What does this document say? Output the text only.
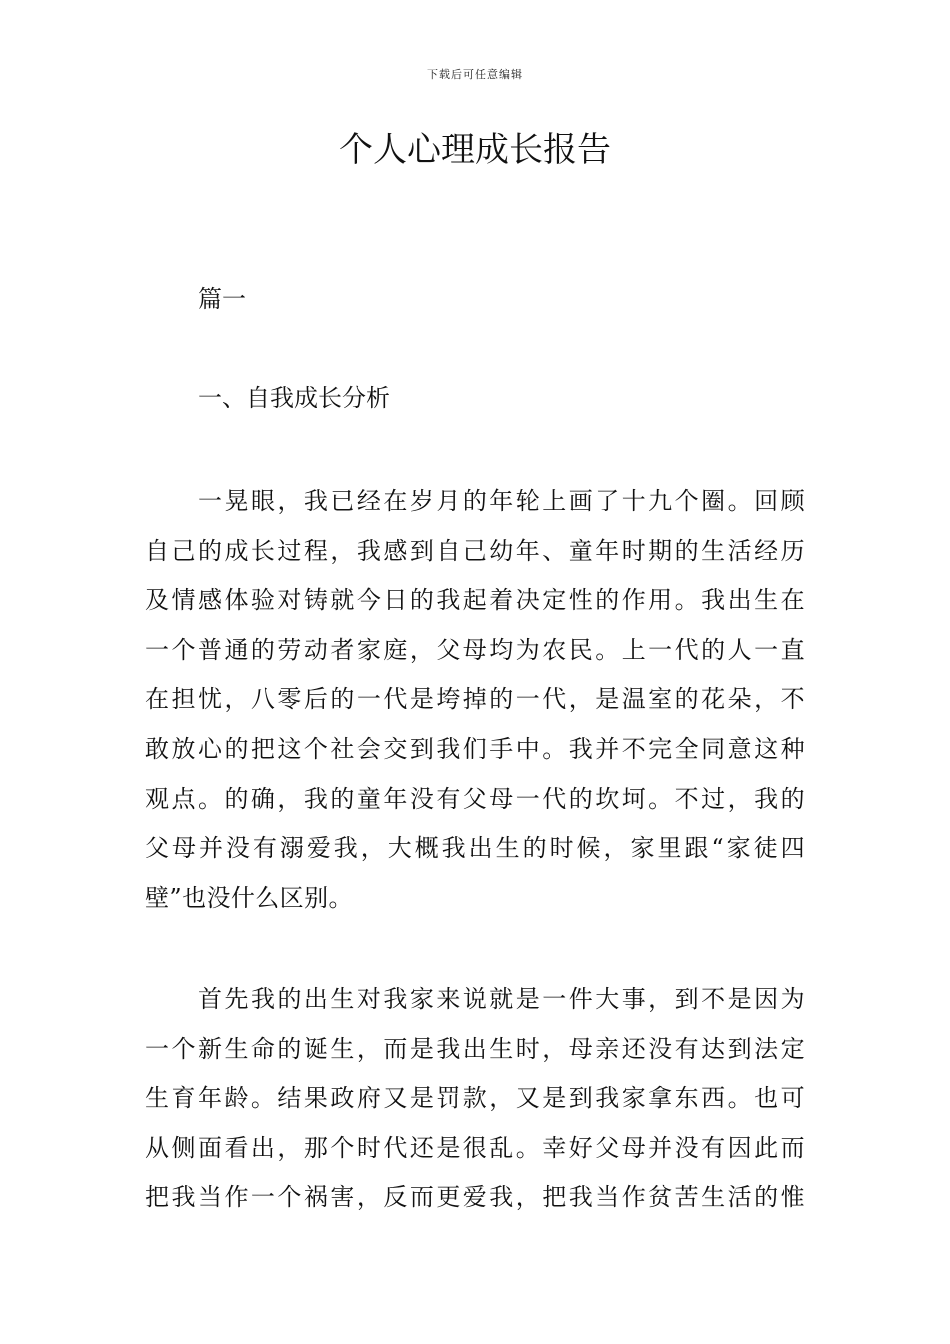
下载后可任意编辑
个人心理成长报告
篇一
一、自我成长分析

一晃眼，我已经在岁月的年轮上画了十九个圈。回顾
自己的成长过程，我感到自己幼年、童年时期的生活经历
及情感体验对铸就今日的我起着决定性的作用。我出生在
一个普通的劳动者家庭，父母均为农民。上一代的人一直
在担忧，八零后的一代是垮掉的一代，是温室的花朵，不
敢放心的把这个社会交到我们手中。我并不完全同意这种
观点。的确，我的童年没有父母一代的坎坷。不过，我的
父母并没有溺爱我，大概我出生的时候，家里跟“家徒四
壁”也没什么区别。

首先我的出生对我家来说就是一件大事，到不是因为
一个新生命的诞生，而是我出生时，母亲还没有达到法定
生育年龄。结果政府又是罚款，又是到我家拿东西。也可
从侧面看出，那个时代还是很乱。幸好父母并没有因此而
把我当作一个祸害，反而更爱我，把我当作贫苦生活的惟
